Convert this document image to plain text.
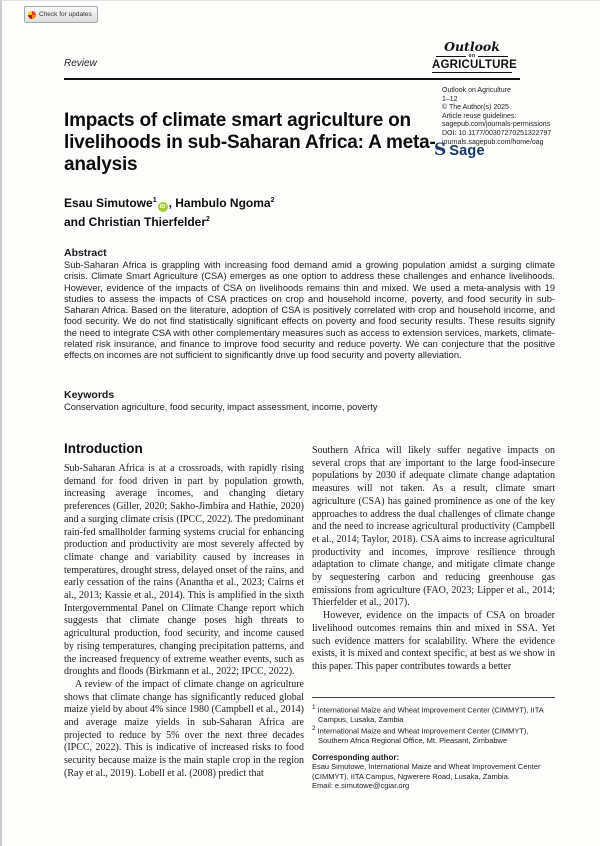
Check for updates
Review
Outlook
on
AGRICULTURE
Outlook on Agriculture
1–12
© The Author(s) 2025
Article reuse guidelines:
sagepub.com/journals-permissions
DOI: 10.1177/00307270251322797
journals.sagepub.com/home/oag
S Sage
Impacts of climate smart agriculture on livelihoods in sub-Saharan Africa: A meta-analysis
Esau Simutowe$^1$iD , Hambulo Ngoma$^2$
and Christian Thierfelder$^2$
Abstract

Sub-Saharan Africa is grappling with increasing food demand amid a growing population amidst a surging climate crisis. Climate Smart Agriculture (CSA) emerges as one option to address these challenges and enhance livelihoods. However, evidence of the impacts of CSA on livelihoods remains thin and mixed. We used a meta-analysis with 19 studies to assess the impacts of CSA practices on crop and household income, poverty, and food security in sub-Saharan Africa. Based on the literature, adoption of CSA is positively correlated with crop and household income, and food security. We do not find statistically significant effects on poverty and food security results. These results signify the need to integrate CSA with other complementary measures such as access to extension services, markets, climate-related risk insurance, and finance to improve food security and reduce poverty. We can conjecture that the positive effects on incomes are not sufficient to significantly drive up food security and poverty alleviation.

Keywords

Conservation agriculture, food security, impact assessment, income, poverty

Introduction

Sub-Saharan Africa is at a crossroads, with rapidly rising demand for food driven in part by population growth, increasing average incomes, and changing dietary preferences (Giller, 2020; Sakho-Jimbira and Hathie, 2020) and a surging climate crisis (IPCC, 2022). The predominant rain-fed smallholder farming systems crucial for enhancing production and productivity are most severely affected by climate change and variability caused by increases in temperatures, drought stress, delayed onset of the rains, and early cessation of the rains (Anantha et al., 2023; Cairns et al., 2013; Kassie et al., 2014). This is amplified in the sixth Intergovernmental Panel on Climate Change report which suggests that climate change poses high threats to agricultural production, food security, and income caused by rising temperatures, changing precipitation patterns, and the increased frequency of extreme weather events, such as droughts and floods (Birkmann et al., 2022; IPCC, 2022).

A review of the impact of climate change on agriculture shows that climate change has significantly reduced global maize yield by about 4% since 1980 (Campbell et al., 2014) and average maize yields in sub-Saharan Africa are projected to reduce by 5% over the next three decades (IPCC, 2022). This is indicative of increased risks to food security because maize is the main staple crop in the region (Ray et al., 2019). Lobell et al. (2008) predict that

Southern Africa will likely suffer negative impacts on several crops that are important to the large food-insecure populations by 2030 if adequate climate change adaptation measures will not taken. As a result, climate smart agriculture (CSA) has gained prominence as one of the key approaches to address the dual challenges of climate change and the need to increase agricultural productivity (Campbell et al., 2014; Taylor, 2018). CSA aims to increase agricultural productivity and incomes, improve resilience through adaptation to climate change, and mitigate climate change by sequestering carbon and reducing greenhouse gas emissions from agriculture (FAO, 2023; Lipper et al., 2014; Thierfelder et al., 2017).

However, evidence on the impacts of CSA on broader livelihood outcomes remains thin and mixed in SSA. Yet such evidence matters for scalability. Where the evidence exists, it is mixed and context specific, at best as we show in this paper. This paper contributes towards a better

$^1$ International Maize and Wheat Improvement Center (CIMMYT), IITA Campus, Lusaka, Zambia

$^2$ International Maize and Wheat Improvement Center (CIMMYT), Southern Africa Regional Office, Mt. Pleasant, Zimbabwe

Corresponding author:
Esau Simutowe, International Maize and Wheat Improvement Center (CIMMYT), IITA Campus, Ngwerere Road, Lusaka, Zambia.
Email: e.simutowe@cgiar.org
